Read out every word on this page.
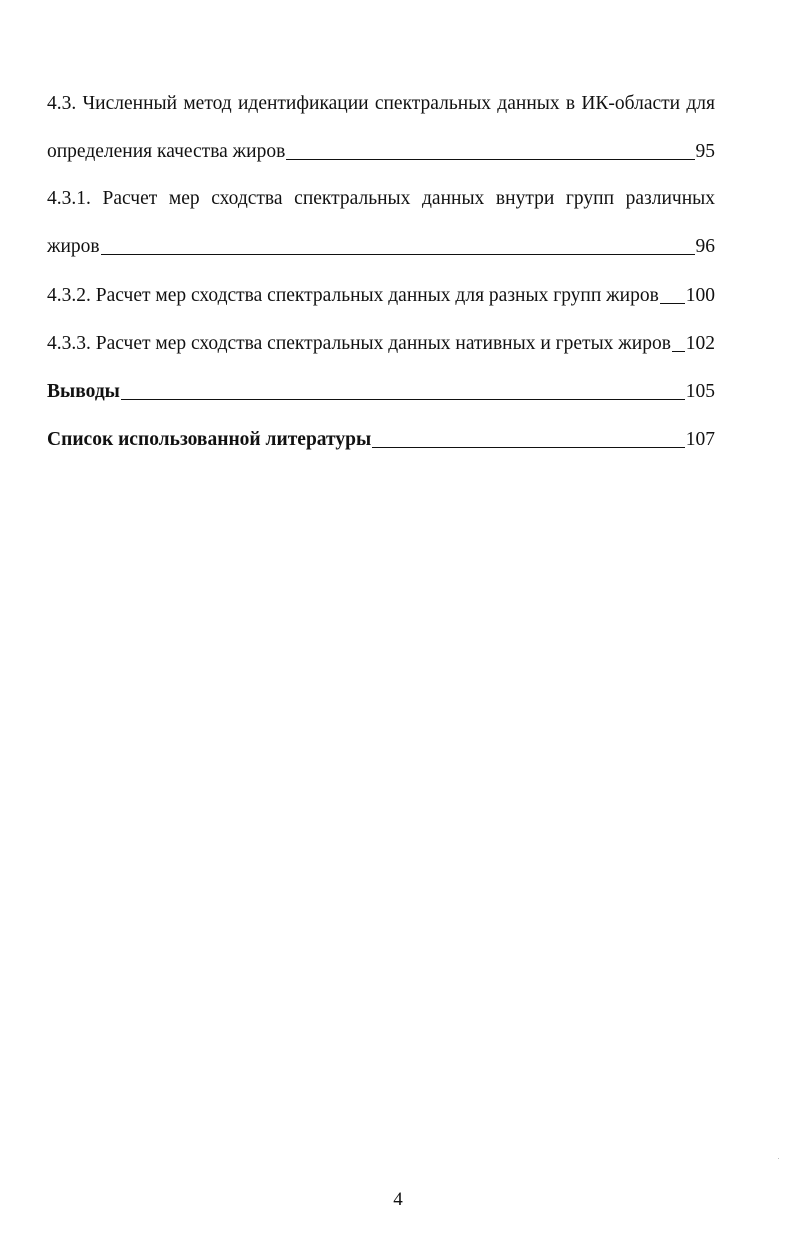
4.3. Численный метод идентификации спектральных данных в ИК-области для
определения качества жиров	95
4.3.1. Расчет мер сходства спектральных данных внутри групп различных
жиров	96
4.3.2. Расчет мер сходства спектральных данных для разных групп жиров 100
4.3.3. Расчет мер сходства спектральных данных нативных и гретых жиров 102
Выводы	105
Список использованной литературы	107
4
